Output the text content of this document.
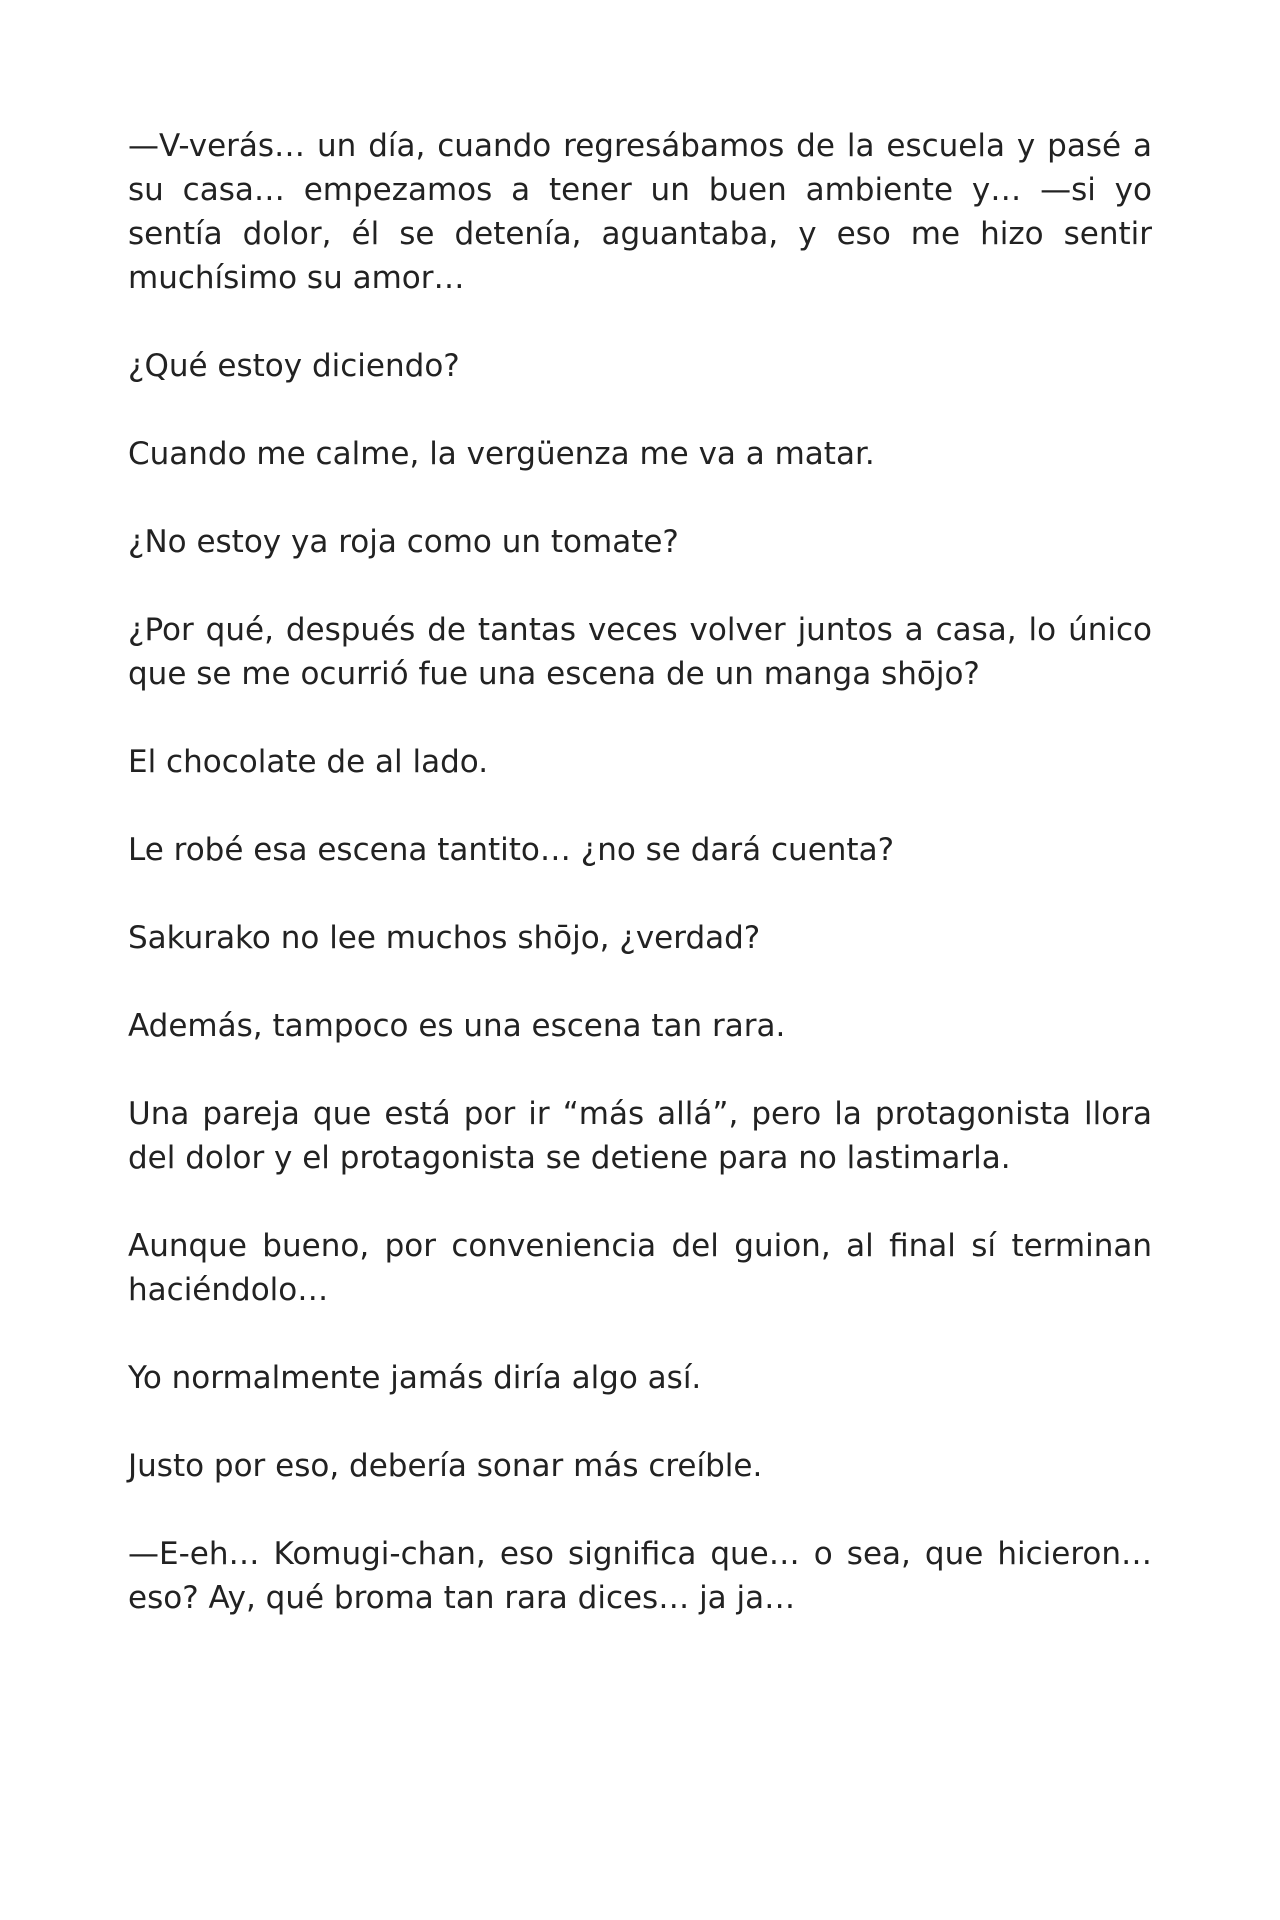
—V-verás… un día, cuando regresábamos de la escuela y pasé a su casa… empezamos a tener un buen ambiente y… —si yo sentía dolor, él se detenía, aguantaba, y eso me hizo sentir muchísimo su amor…

¿Qué estoy diciendo?

Cuando me calme, la vergüenza me va a matar.

¿No estoy ya roja como un tomate?

¿Por qué, después de tantas veces volver juntos a casa, lo único que se me ocurrió fue una escena de un manga shōjo?

El chocolate de al lado.

Le robé esa escena tantito… ¿no se dará cuenta?

Sakurako no lee muchos shōjo, ¿verdad?

Además, tampoco es una escena tan rara.

Una pareja que está por ir “más allá”, pero la protagonista llora del dolor y el protagonista se detiene para no lastimarla.

Aunque bueno, por conveniencia del guion, al final sí terminan haciéndolo…

Yo normalmente jamás diría algo así.

Justo por eso, debería sonar más creíble.

—E-eh… Komugi-chan, eso significa que… o sea, que hicieron… eso? Ay, qué broma tan rara dices… ja ja…
